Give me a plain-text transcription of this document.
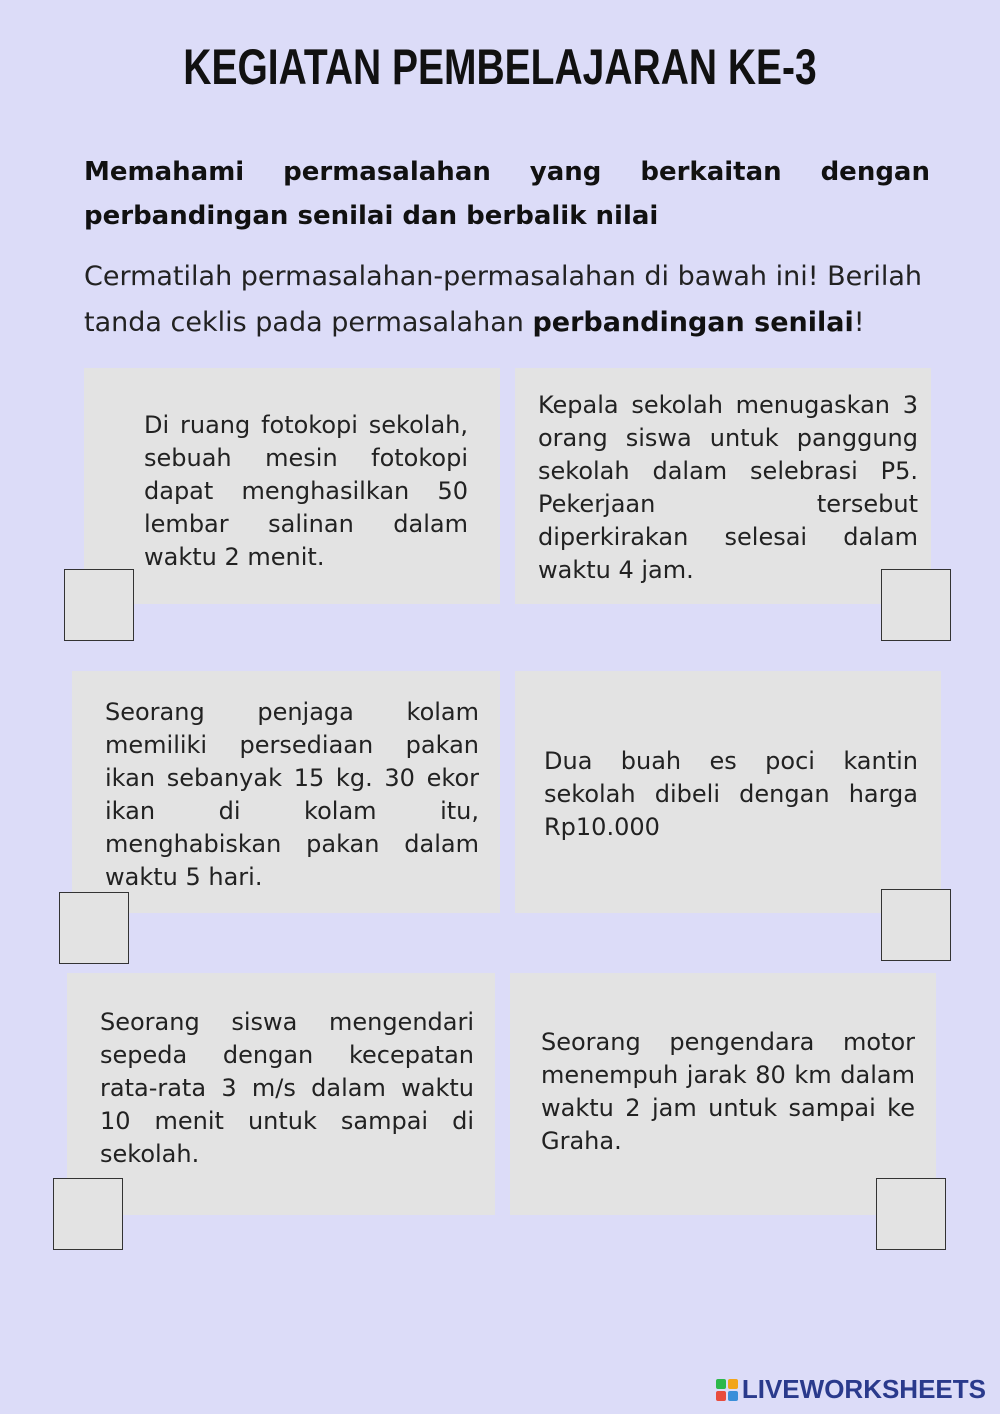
KEGIATAN PEMBELAJARAN KE-3
Memahami permasalahan yang berkaitan dengan perbandingan senilai dan berbalik nilai
Cermatilah permasalahan-permasalahan di bawah ini! Berilah tanda ceklis pada permasalahan perbandingan senilai!
Di ruang fotokopi sekolah, sebuah mesin fotokopi dapat menghasilkan 50 lembar salinan dalam waktu 2 menit.
Kepala sekolah menugaskan 3 orang siswa untuk panggung sekolah dalam selebrasi P5. Pekerjaan tersebut diperkirakan selesai dalam waktu 4 jam.
Seorang penjaga kolam memiliki persediaan pakan ikan sebanyak 15 kg. 30 ekor ikan di kolam itu, menghabiskan pakan dalam waktu 5 hari.
Dua buah es poci kantin sekolah dibeli dengan harga Rp10.000
Seorang siswa mengendari sepeda dengan kecepatan rata-rata 3 m/s dalam waktu 10 menit untuk sampai di sekolah.
Seorang pengendara motor menempuh jarak 80 km dalam waktu 2 jam untuk sampai ke Graha.
LIVEWORKSHEETS
